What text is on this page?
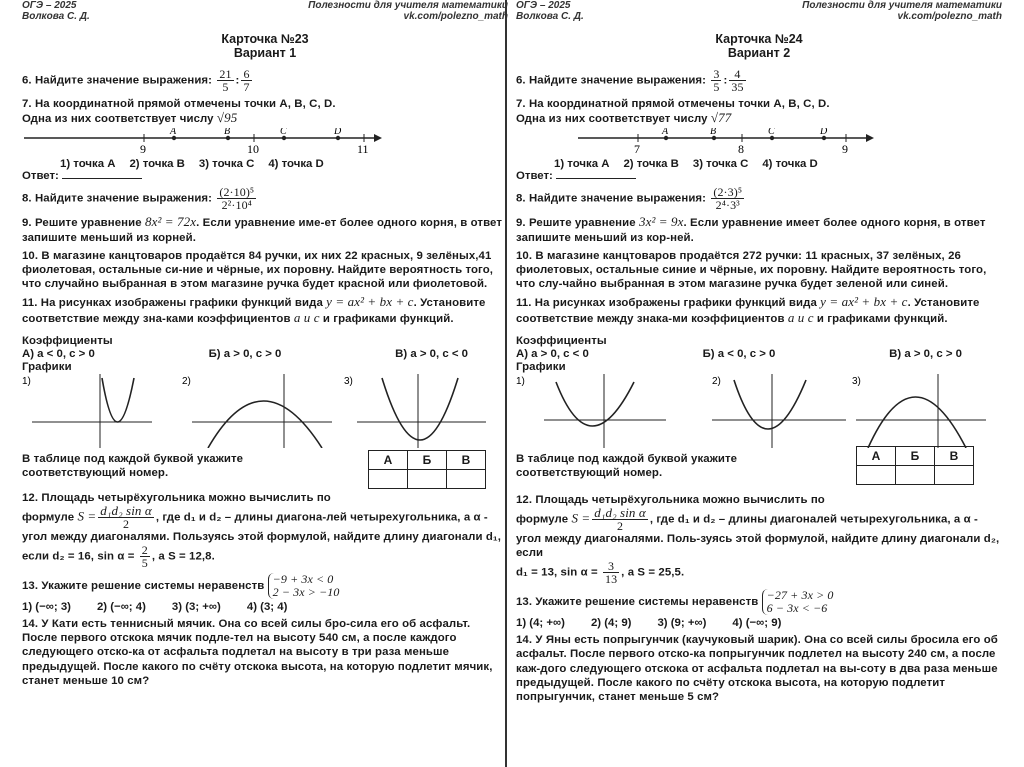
ОГЭ – 2025
Волкова С. Д.
Полезности для учителя математики
vk.com/polezno_math
Карточка №23
Вариант 1
6. Найдите значение выражения: $\frac{21}{5}$ : $\frac{6}{7}$
7. На координатной прямой отмечены точки A, B, C, D.
Одна из них соответствует числу √95
9	10	11
A	B	C	D
1) точка A 2) точка B 3) точка C 4) точка D
Ответ:
8. Найдите значение выражения: $\frac{\text{(2·10)⁵}}{\text{2²·10⁴}}$
9. Решите уравнение 8x² = 72x. Если уравнение име-ет более одного корня, в ответ запишите меньший из корней.
10. В магазине канцтоваров продаётся 84 ручки, их них 22 красных, 9 зелёных,41 фиолетовая, остальные си-ние и чёрные, их поровну. Найдите вероятность того, что случайно выбранная в этом магазине ручка будет красной или фиолетовой.
11. На рисунках изображены графики функций вида y = ax² + bx + c. Установите соответствие между зна-ками коэффициентов a и c и графиками функций.
Коэффициенты
А) a < 0, c > 0	Б) a > 0, c > 0	В) a > 0, c < 0
Графики
1)	2)	3)
В таблице под каждой буквой укажите
соответствующий номер.
А	Б	В

12. Площадь четырёхугольника можно вычислить по
формуле $S = \frac{\text{d₁d₂ sin α}}{2}$ , где d₁ и d₂ – длины диагона-лей четырехугольника, а α - угол между диагоналями. Пользуясь этой формулой, найдите длину диагонали d₁,
если d₂ = 16, $\sin \alpha = \frac{2}{5}$ , а S = 12,8.
13. Укажите решение системы неравенств
−9 + 3x < 0
2 − 3x > −10
1) (−∞; 3) 2) (−∞; 4) 3) (3; +∞) 4) (3; 4)
14. У Кати есть теннисный мячик. Она со всей силы бро-сила его об асфальт. После первого отскока мячик подле-тел на высоту 540 см, а после каждого следующего отско-ка от асфальта подлетал на высоту в три раза меньше предыдущей. После какого по счёту отскока высота, на которую подлетит мячик, станет меньше 10 см?
ОГЭ – 2025
Волкова С. Д.
Полезности для учителя математики
vk.com/polezno_math
Карточка №24
Вариант 2
6. Найдите значение выражения: $\frac{3}{5}$ : $\frac{4}{35}$
7. На координатной прямой отмечены точки A, B, C, D.
Одна из них соответствует числу √77
7	8	9
A	B	C	D
1) точка A 2) точка B 3) точка C 4) точка D
Ответ:
8. Найдите значение выражения: $\frac{\text{(2·3)⁵}}{\text{2⁴·3³}}$
9. Решите уравнение 3x² = 9x. Если уравнение имеет более одного корня, в ответ запишите меньший из кор-ней.
10. В магазине канцтоваров продаётся 272 ручки: 11 красных, 37 зелёных, 26 фиолетовых, остальные синие и чёрные, их поровну. Найдите вероятность того, что слу-чайно выбранная в этом магазине ручка будет зеленой или синей.
11. На рисунках изображены графики функций вида y = ax² + bx + c. Установите соответствие между знака-ми коэффициентов a и c и графиками функций.
Коэффициенты
А) a > 0, c < 0	Б) a < 0, c > 0	В) a > 0, c > 0
Графики
1)	2)	3)
В таблице под каждой буквой укажите
соответствующий номер.
А	Б	В

12. Площадь четырёхугольника можно вычислить по
формуле $S = \frac{\text{d₁d₂ sin α}}{2}$ , где d₁ и d₂ – длины диагоналей четырехугольника, а α - угол между диагоналями. Поль-зуясь этой формулой, найдите длину диагонали d₂, если
d₁ = 13, $\sin \alpha = \frac{3}{13}$ , а S = 25,5.
13. Укажите решение системы неравенств
−27 + 3x > 0
6 − 3x < −6
1) (4; +∞) 2) (4; 9) 3) (9; +∞) 4) (−∞; 9)
14. У Яны есть попрыгунчик (каучуковый шарик). Она со всей силы бросила его об асфальт. После первого отско-ка попрыгунчик подлетел на высоту 240 см, а после каж-дого следующего отскока от асфальта подлетал на вы-соту в два раза меньше предыдущей. После какого по счёту отскока высота, на которую подлетит попрыгунчик, станет меньше 5 см?
